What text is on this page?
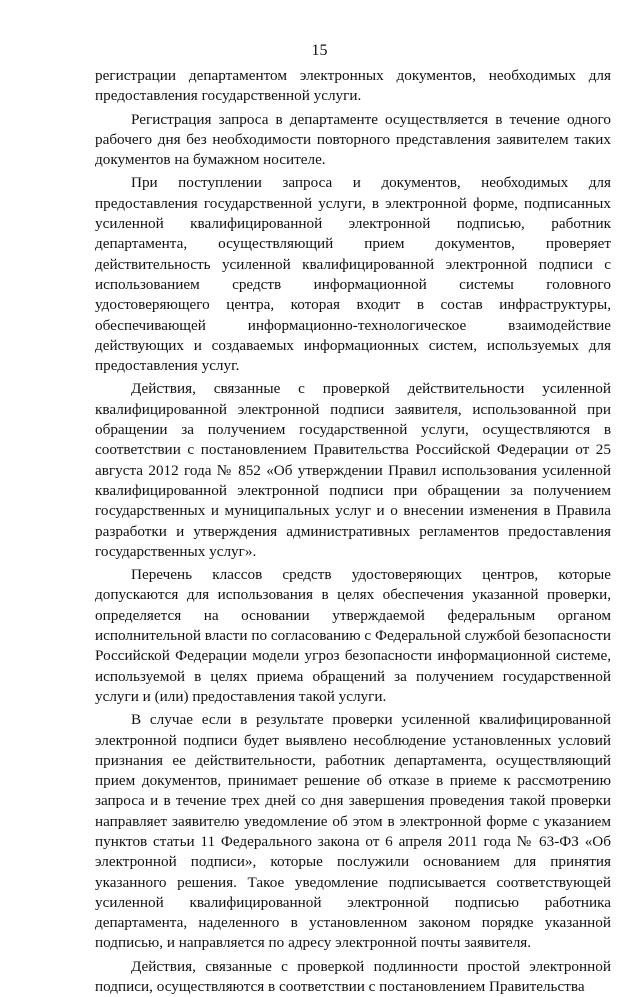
15

регистрации департаментом электронных документов, необходимых для предоставления государственной услуги.

Регистрация запроса в департаменте осуществляется в течение одного рабочего дня без необходимости повторного представления заявителем таких документов на бумажном носителе.

При поступлении запроса и документов, необходимых для предоставления государственной услуги, в электронной форме, подписанных усиленной квалифицированной электронной подписью, работник департамента, осуществляющий прием документов, проверяет действительность усиленной квалифицированной электронной подписи с использованием средств информационной системы головного удостоверяющего центра, которая входит в состав инфраструктуры, обеспечивающей информационно-технологическое взаимодействие действующих и создаваемых информационных систем, используемых для предоставления услуг.

Действия, связанные с проверкой действительности усиленной квалифицированной электронной подписи заявителя, использованной при обращении за получением государственной услуги, осуществляются в соответствии с постановлением Правительства Российской Федерации от 25 августа 2012 года № 852 «Об утверждении Правил использования усиленной квалифицированной электронной подписи при обращении за получением государственных и муниципальных услуг и о внесении изменения в Правила разработки и утверждения административных регламентов предоставления государственных услуг».

Перечень классов средств удостоверяющих центров, которые допускаются для использования в целях обеспечения указанной проверки, определяется на основании утверждаемой федеральным органом исполнительной власти по согласованию с Федеральной службой безопасности Российской Федерации модели угроз безопасности информационной системе, используемой в целях приема обращений за получением государственной услуги и (или) предоставления такой услуги.

В случае если в результате проверки усиленной квалифицированной электронной подписи будет выявлено несоблюдение установленных условий признания ее действительности, работник департамента, осуществляющий прием документов, принимает решение об отказе в приеме к рассмотрению запроса и в течение трех дней со дня завершения проведения такой проверки направляет заявителю уведомление об этом в электронной форме с указанием пунктов статьи 11 Федерального закона от 6 апреля 2011 года № 63-ФЗ «Об электронной подписи», которые послужили основанием для принятия указанного решения. Такое уведомление подписывается соответствующей усиленной квалифицированной электронной подписью работника департамента, наделенного в установленном законом порядке указанной подписью, и направляется по адресу электронной почты заявителя.

Действия, связанные с проверкой подлинности простой электронной подписи, осуществляются в соответствии с постановлением Правительства
